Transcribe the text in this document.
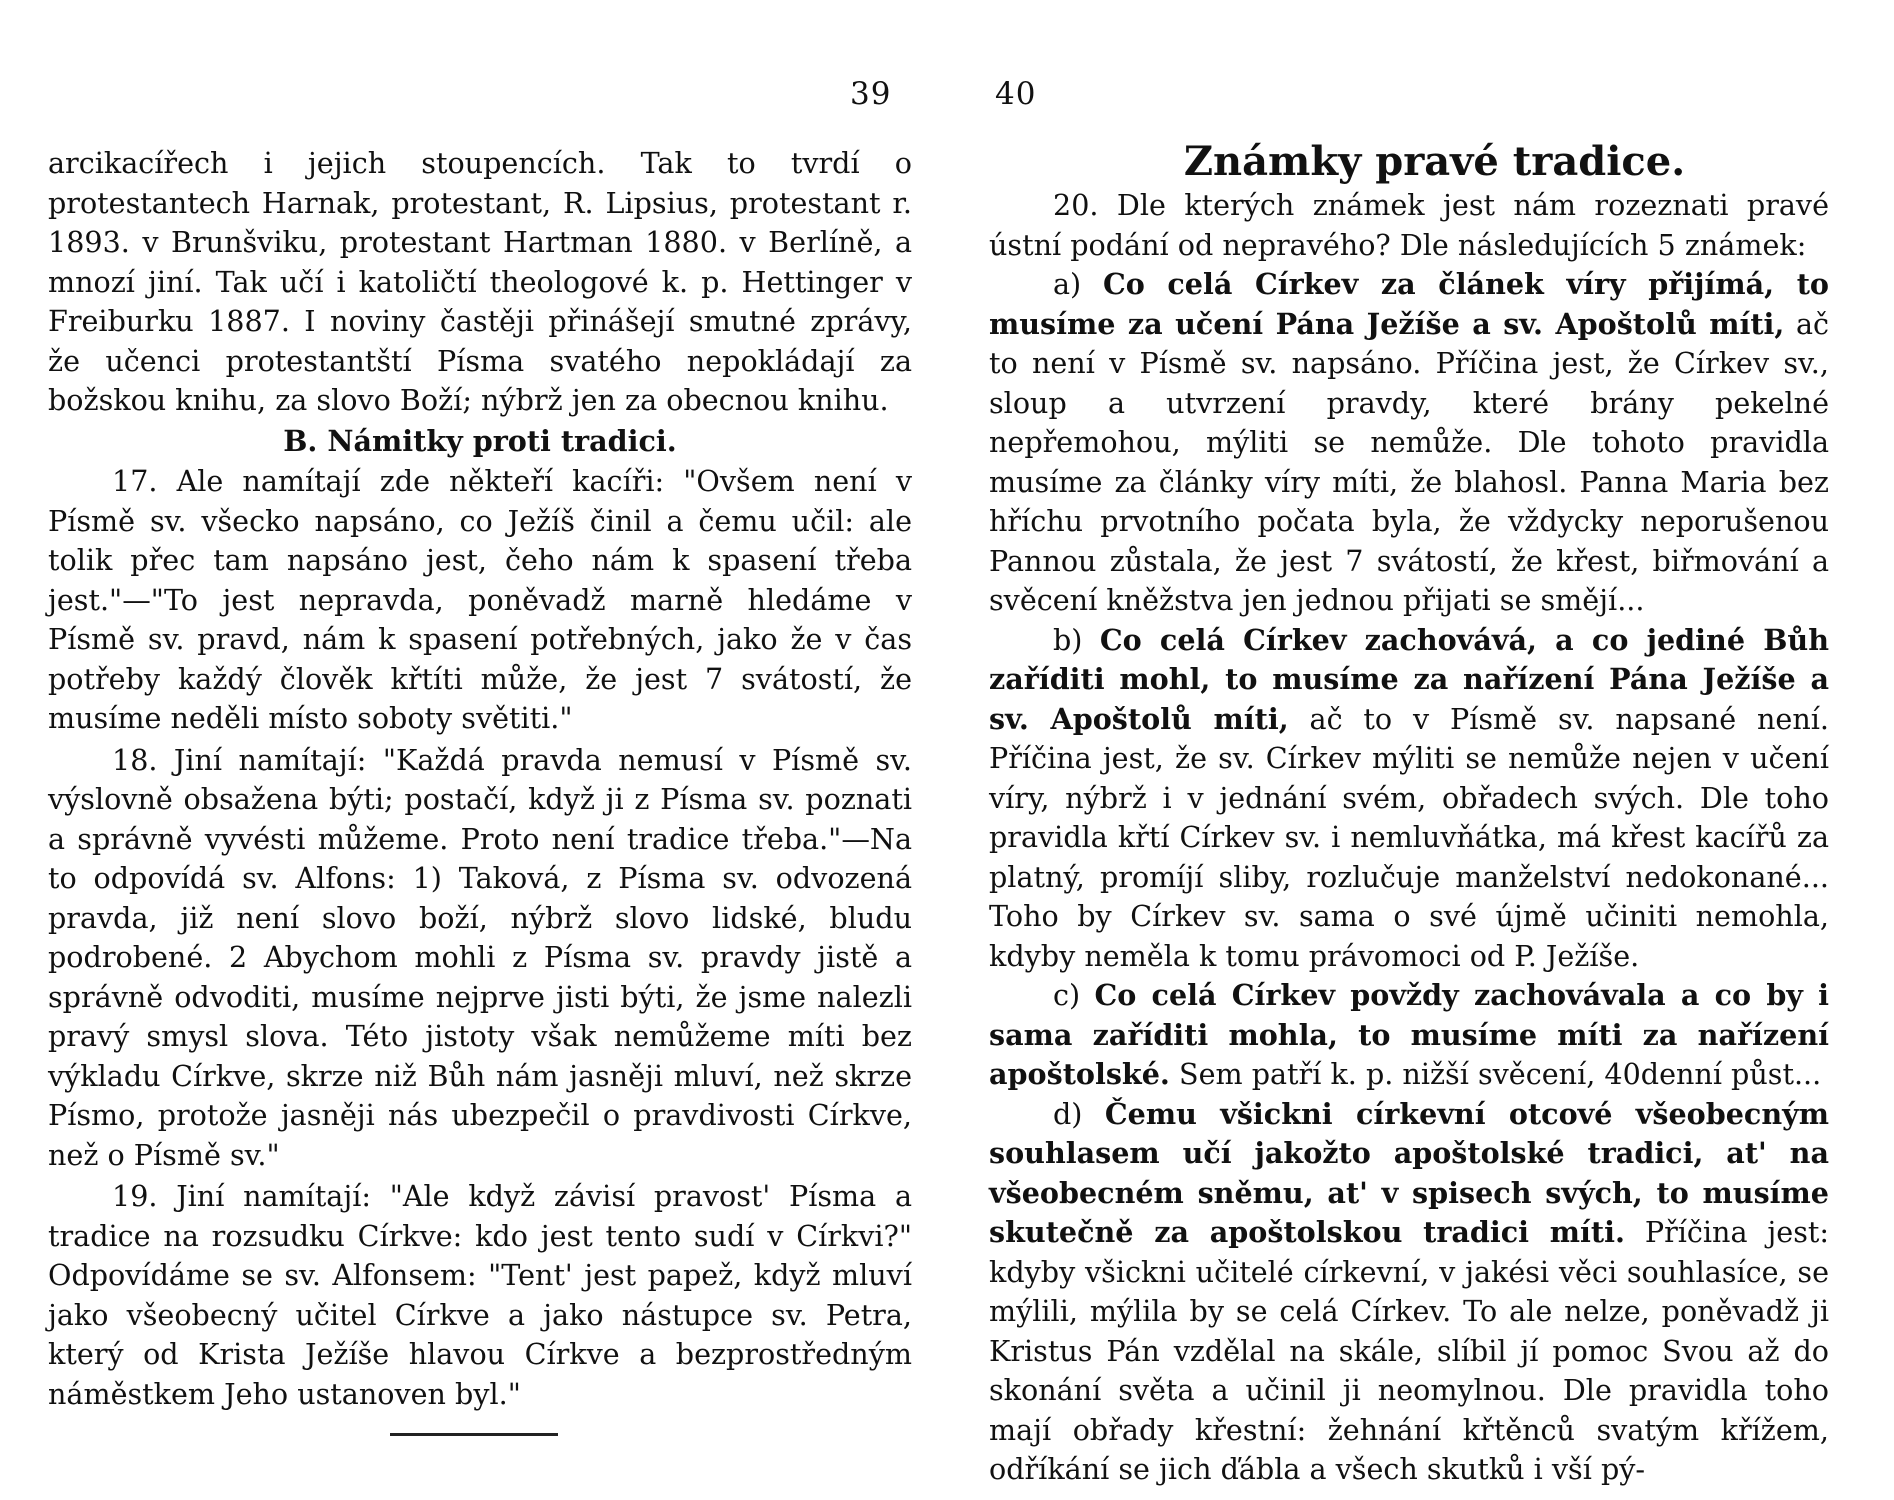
39

arcikacířech i jejich stoupencích. Tak to tvrdí o protestantech Harnak, protestant, R. Lipsius, protestant r. 1893. v Brunšviku, protestant Hartman 1880. v Berlíně, a mnozí jiní. Tak učí i katoličtí theologové k. p. Hettinger v Freiburku 1887. I noviny častěji přinášejí smutné zprávy, že učenci protestantští Písma svatého nepokládají za božskou knihu, za slovo Boží; nýbrž jen za obecnou knihu.

B. Námitky proti tradici.

17. Ale namítají zde někteří kacíři: "Ovšem není v Písmě sv. všecko napsáno, co Ježíš činil a čemu učil: ale tolik přec tam napsáno jest, čeho nám k spasení třeba jest."—"To jest nepravda, poněvadž marně hledáme v Písmě sv. pravd, nám k spasení potřebných, jako že v čas potřeby každý člověk křtíti může, že jest 7 svátostí, že musíme neděli místo soboty světiti."

18. Jiní namítají: "Každá pravda nemusí v Písmě sv. výslovně obsažena býti; postačí, když ji z Písma sv. poznati a správně vyvésti můžeme. Proto není tradice třeba."—Na to odpovídá sv. Alfons: 1) Taková, z Písma sv. odvozená pravda, již není slovo boží, nýbrž slovo lidské, bludu podrobené. 2 Abychom mohli z Písma sv. pravdy jistě a správně odvoditi, musíme nejprve jisti býti, že jsme nalezli pravý smysl slova. Této jistoty však nemůžeme míti bez výkladu Církve, skrze niž Bůh nám jasněji mluví, než skrze Písmo, protože jasněji nás ubezpečil o pravdivosti Církve, než o Písmě sv."

19. Jiní namítají: "Ale když závisí pravost' Písma a tradice na rozsudku Církve: kdo jest tento sudí v Církvi?" Odpovídáme se sv. Alfonsem: "Tent' jest papež, když mluví jako všeobecný učitel Církve a jako nástupce sv. Petra, který od Krista Ježíše hlavou Církve a bezprostředným náměstkem Jeho ustanoven byl."

40
Známky pravé tradice.

20. Dle kterých známek jest nám rozeznati pravé ústní podání od nepravého? Dle následujících 5 známek:

a) Co celá Církev za článek víry přijímá, to musíme za učení Pána Ježíše a sv. Apoštolů míti, ač to není v Písmě sv. napsáno. Příčina jest, že Církev sv., sloup a utvrzení pravdy, které brány pekelné nepřemohou, mýliti se nemůže. Dle tohoto pravidla musíme za články víry míti, že blahosl. Panna Maria bez hříchu prvotního počata byla, že vždycky neporušenou Pannou zůstala, že jest 7 svátostí, že křest, biřmování a svěcení kněžstva jen jednou přijati se smějí...

b) Co celá Církev zachovává, a co jediné Bůh zaříditi mohl, to musíme za nařízení Pána Ježíše a sv. Apoštolů míti, ač to v Písmě sv. napsané není. Příčina jest, že sv. Církev mýliti se nemůže nejen v učení víry, nýbrž i v jednání svém, obřadech svých. Dle toho pravidla křtí Církev sv. i nemluvňátka, má křest kacířů za platný, promíjí sliby, rozlučuje manželství nedokonané... Toho by Církev sv. sama o své újmě učiniti nemohla, kdyby neměla k tomu právomoci od P. Ježíše.

c) Co celá Církev povždy zachovávala a co by i sama zaříditi mohla, to musíme míti za nařízení apoštolské. Sem patří k. p. nižší svěcení, 40denní půst...

d) Čemu všickni církevní otcové všeobecným souhlasem učí jakožto apoštolské tradici, at' na všeobecném sněmu, at' v spisech svých, to musíme skutečně za apoštolskou tradici míti. Příčina jest: kdyby všickni učitelé církevní, v jakési věci souhlasíce, se mýlili, mýlila by se celá Církev. To ale nelze, poněvadž ji Kristus Pán vzdělal na skále, slíbil jí pomoc Svou až do skonání světa a učinil ji neomylnou. Dle pravidla toho mají obřady křestní: žehnání křtěnců svatým křížem, odříkání se jich ďábla a všech skutků i vší pý-
